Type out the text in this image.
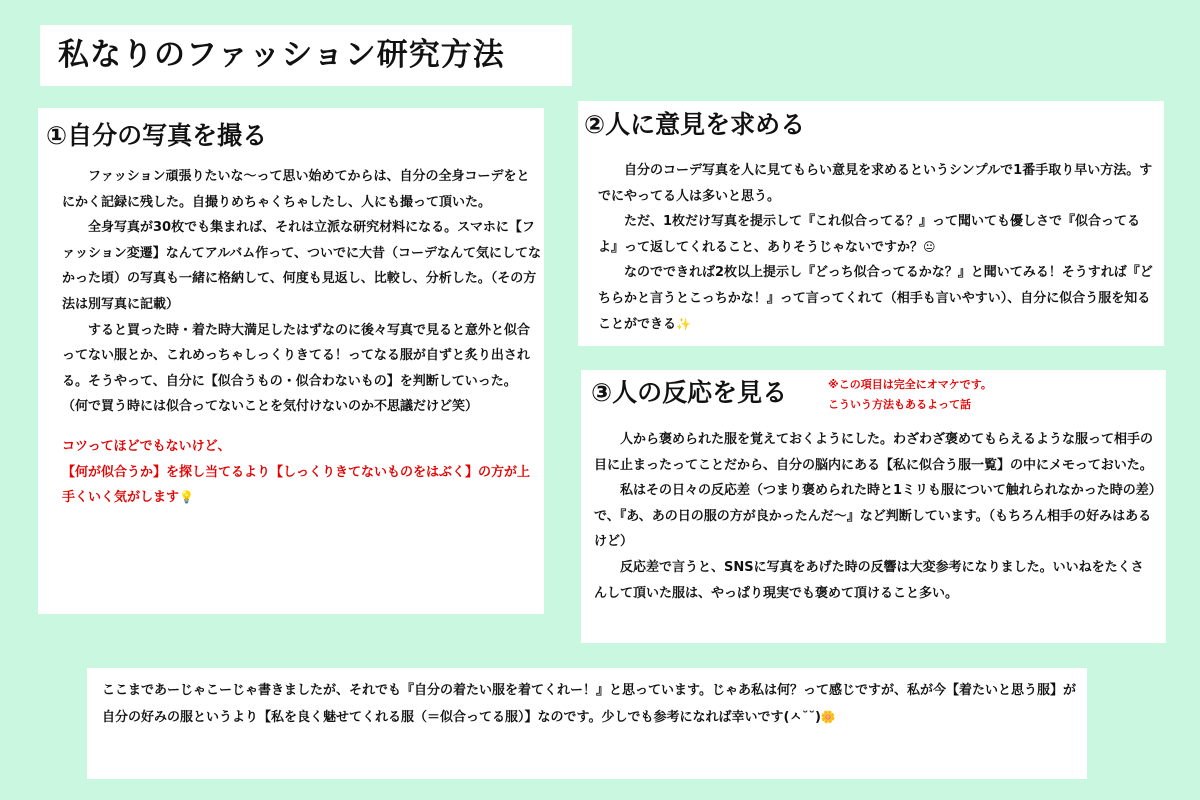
私なりのファッション研究方法
①自分の写真を撮る

ファッション頑張りたいな〜って思い始めてからは、自分の全身コーデをとにかく記録に残した。自撮りめちゃくちゃしたし、人にも撮って頂いた。

全身写真が30枚でも集まれば、それは立派な研究材料になる。スマホに【ファッション変遷】なんてアルバム作って、ついでに大昔（コーデなんて気にしてなかった頃）の写真も一緒に格納して、何度も見返し、比較し、分析した。（その方法は別写真に記載）

すると買った時・着た時大満足したはずなのに後々写真で見ると意外と似合ってない服とか、これめっちゃしっくりきてる！ってなる服が自ずと炙り出される。そうやって、自分に【似合うもの・似合わないもの】を判断していった。

（何で買う時には似合ってないことを気付けないのか不思議だけど笑）

コツってほどでもないけど、

【何が似合うか】を探し当てるより【しっくりきてないものをはぶく】の方が上手くいく気がします💡

②人に意見を求める

自分のコーデ写真を人に見てもらい意見を求めるというシンプルで1番手取り早い方法。すでにやってる人は多いと思う。

ただ、1枚だけ写真を提示して『これ似合ってる？』って聞いても優しさで『似合ってるよ』って返してくれること、ありそうじゃないですか？😐

なのでできれば2枚以上提示し『どっち似合ってるかな？』と聞いてみる！そうすれば『どちらかと言うとこっちかな！』って言ってくれて（相手も言いやすい）、自分に似合う服を知ることができる✨

③人の反応を見る	※この項目は完全にオマケです。
こういう方法もあるよって話

人から褒められた服を覚えておくようにした。わざわざ褒めてもらえるような服って相手の目に止まったってことだから、自分の脳内にある【私に似合う服一覧】の中にメモっておいた。

私はその日々の反応差（つまり褒められた時と1ミリも服について触れられなかった時の差）で、『あ、あの日の服の方が良かったんだ〜』など判断しています。（もちろん相手の好みはあるけど）

反応差で言うと、SNSに写真をあげた時の反響は大変参考になりました。いいねをたくさんして頂いた服は、やっぱり現実でも褒めて頂けること多い。

ここまであーじゃこーじゃ書きましたが、それでも『自分の着たい服を着てくれー！』と思っています。じゃあ私は何？って感じですが、私が今【着たいと思う服】が自分の好みの服というより【私を良く魅せてくれる服（＝似合ってる服）】なのです。少しでも参考になれば幸いです(ㅅ˘˘)🌼
